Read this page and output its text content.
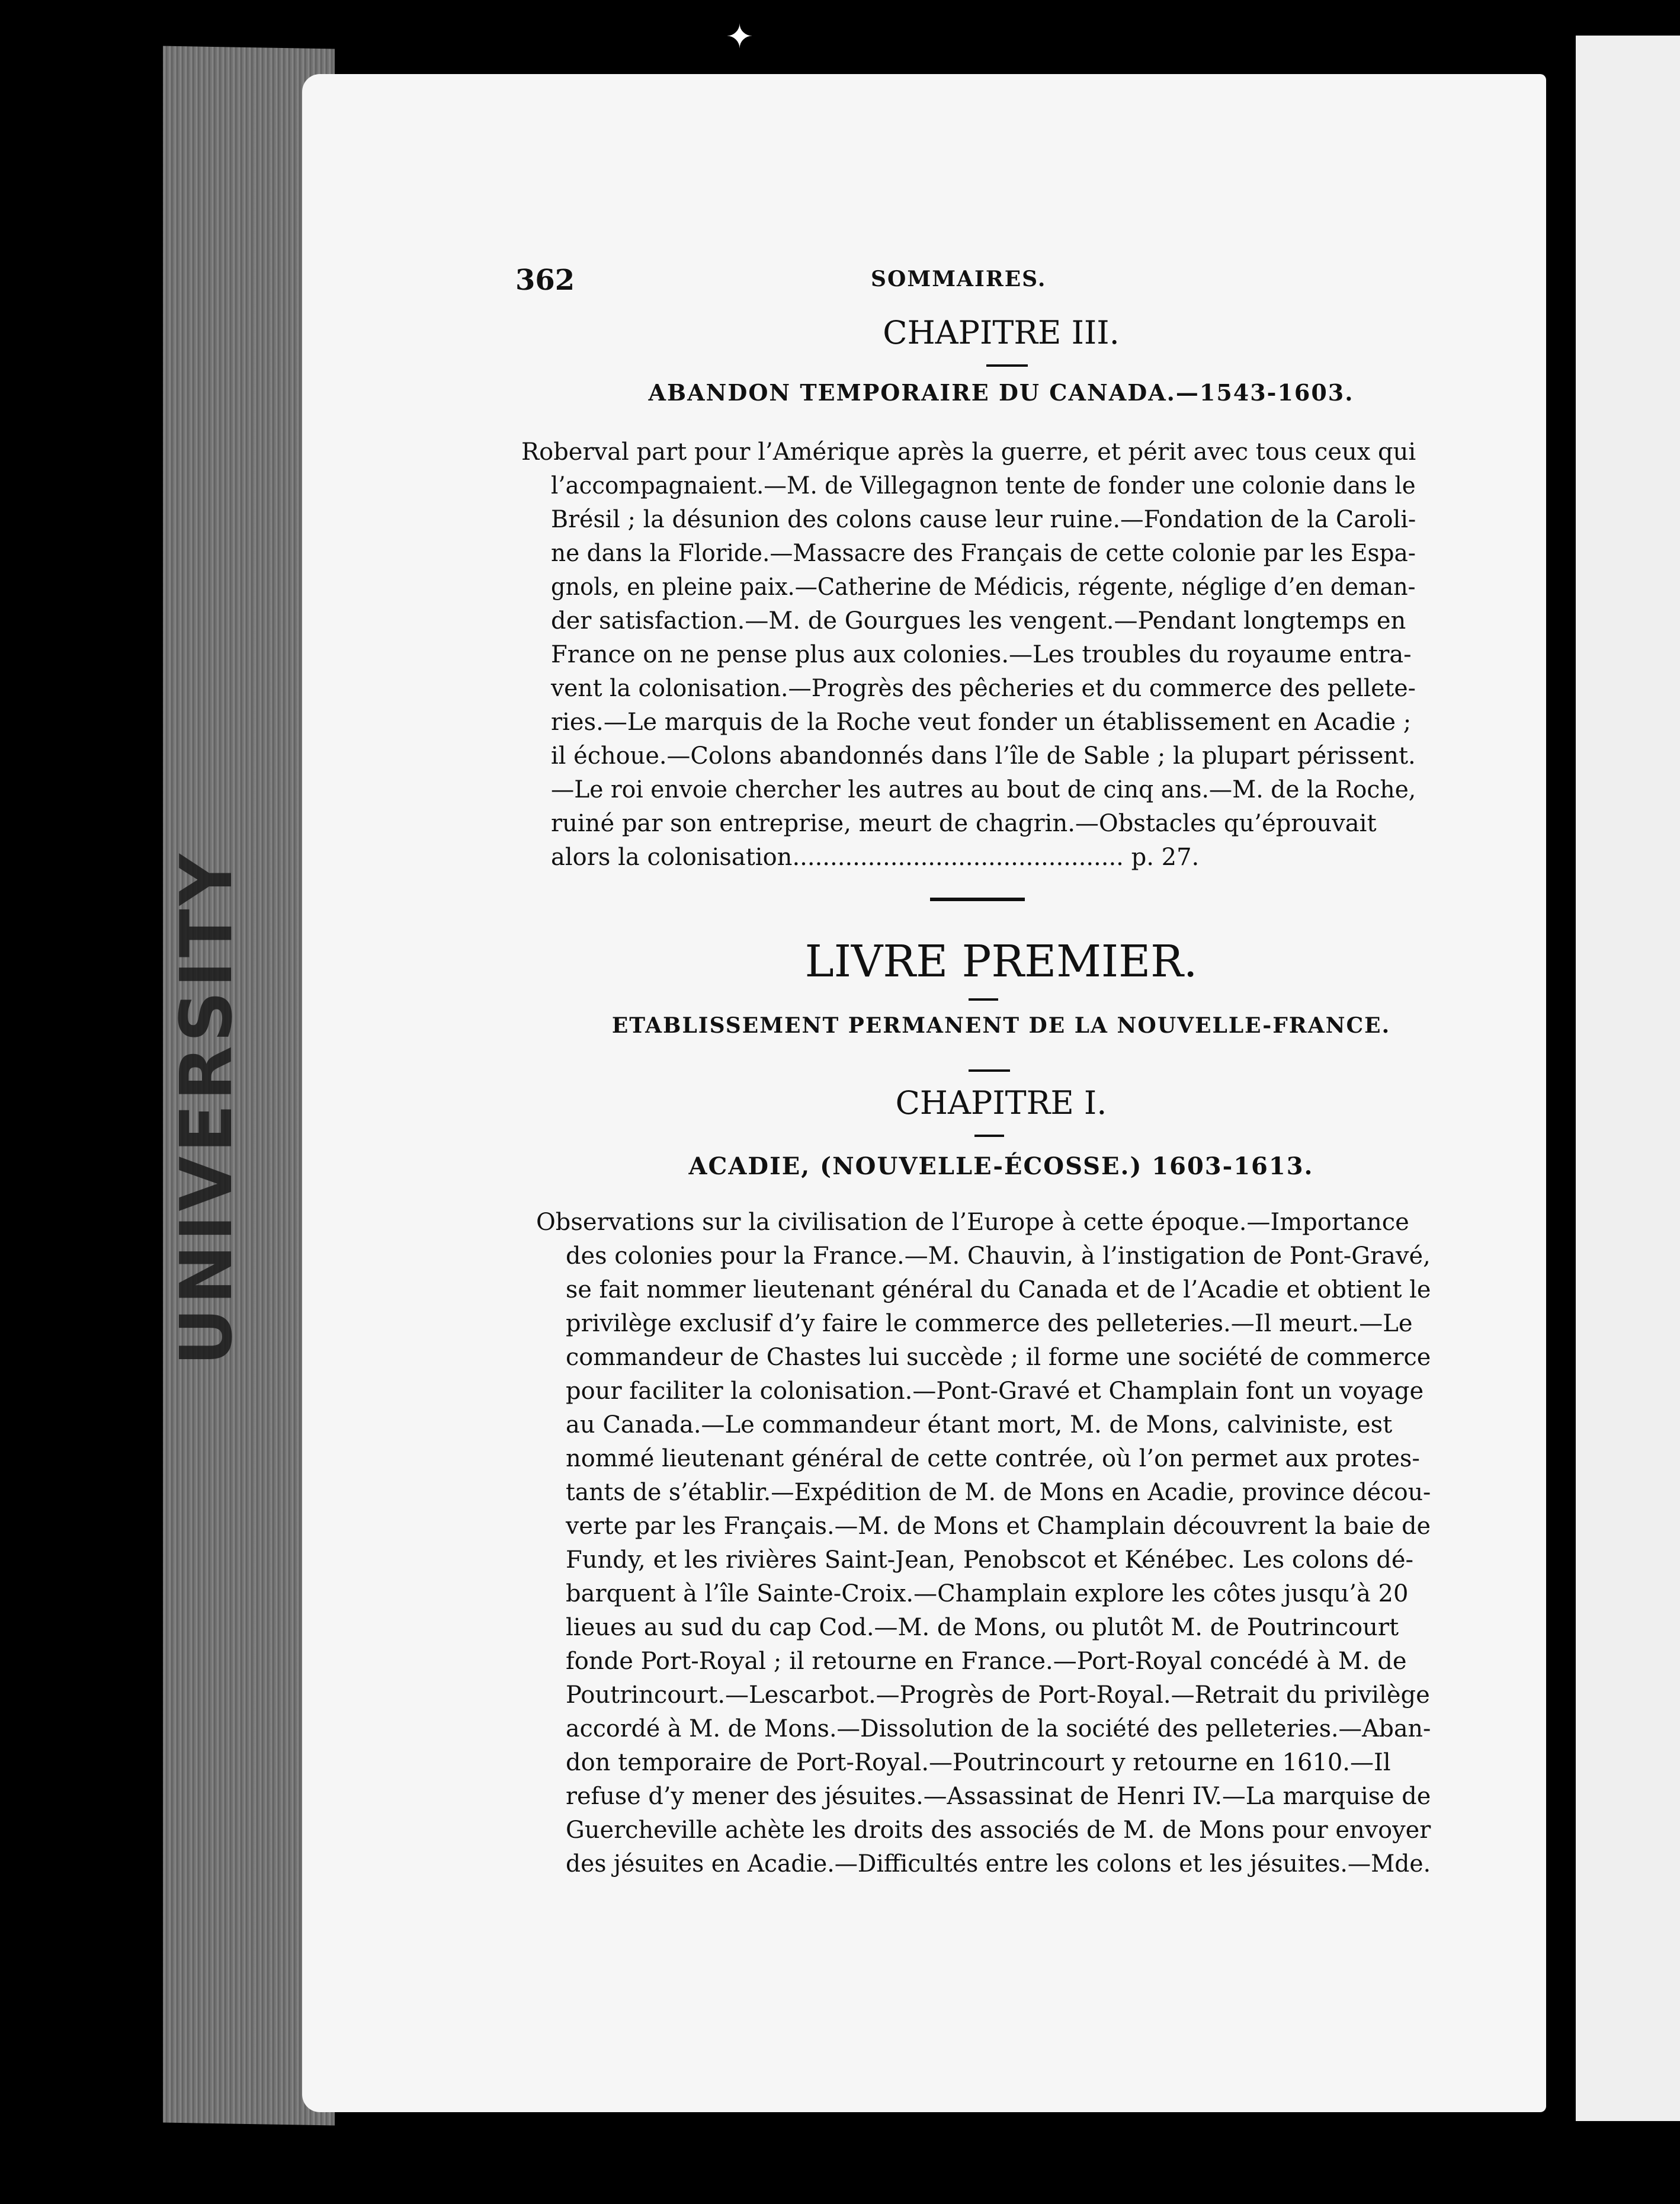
UNIVERSITY
✦
362	SOMMAIRES.
CHAPITRE III.
ABANDON TEMPORAIRE DU CANADA.—1543-1603.
Roberval part pour l’Amérique après la guerre, et périt avec tous ceux qui
l’accompagnaient.—M. de Villegagnon tente de fonder une colonie dans le
Brésil ; la désunion des colons cause leur ruine.—Fondation de la Caroli-
ne dans la Floride.—Massacre des Français de cette colonie par les Espa-
gnols, en pleine paix.—Catherine de Médicis, régente, néglige d’en deman-
der satisfaction.—M. de Gourgues les vengent.—Pendant longtemps en
France on ne pense plus aux colonies.—Les troubles du royaume entra-
vent la colonisation.—Progrès des pêcheries et du commerce des pellete-
ries.—Le marquis de la Roche veut fonder un établissement en Acadie ;
il échoue.—Colons abandonnés dans l’île de Sable ; la plupart périssent.
—Le roi envoie chercher les autres au bout de cinq ans.—M. de la Roche,
ruiné par son entreprise, meurt de chagrin.—Obstacles qu’éprouvait
alors la colonisation............................................ p. 27.
LIVRE PREMIER.
ETABLISSEMENT PERMANENT DE LA NOUVELLE-FRANCE.
CHAPITRE I.
ACADIE, (NOUVELLE-ÉCOSSE.) 1603-1613.
Observations sur la civilisation de l’Europe à cette époque.—Importance
des colonies pour la France.—M. Chauvin, à l’instigation de Pont-Gravé,
se fait nommer lieutenant général du Canada et de l’Acadie et obtient le
privilège exclusif d’y faire le commerce des pelleteries.—Il meurt.—Le
commandeur de Chastes lui succède ; il forme une société de commerce
pour faciliter la colonisation.—Pont-Gravé et Champlain font un voyage
au Canada.—Le commandeur étant mort, M. de Mons, calviniste, est
nommé lieutenant général de cette contrée, où l’on permet aux protes-
tants de s’établir.—Expédition de M. de Mons en Acadie, province décou-
verte par les Français.—M. de Mons et Champlain découvrent la baie de
Fundy, et les rivières Saint-Jean, Penobscot et Kénébec. Les colons dé-
barquent à l’île Sainte-Croix.—Champlain explore les côtes jusqu’à 20
lieues au sud du cap Cod.—M. de Mons, ou plutôt M. de Poutrincourt
fonde Port-Royal ; il retourne en France.—Port-Royal concédé à M. de
Poutrincourt.—Lescarbot.—Progrès de Port-Royal.—Retrait du privilège
accordé à M. de Mons.—Dissolution de la société des pelleteries.—Aban-
don temporaire de Port-Royal.—Poutrincourt y retourne en 1610.—Il
refuse d’y mener des jésuites.—Assassinat de Henri IV.—La marquise de
Guercheville achète les droits des associés de M. de Mons pour envoyer
des jésuites en Acadie.—Difficultés entre les colons et les jésuites.—Mde.
